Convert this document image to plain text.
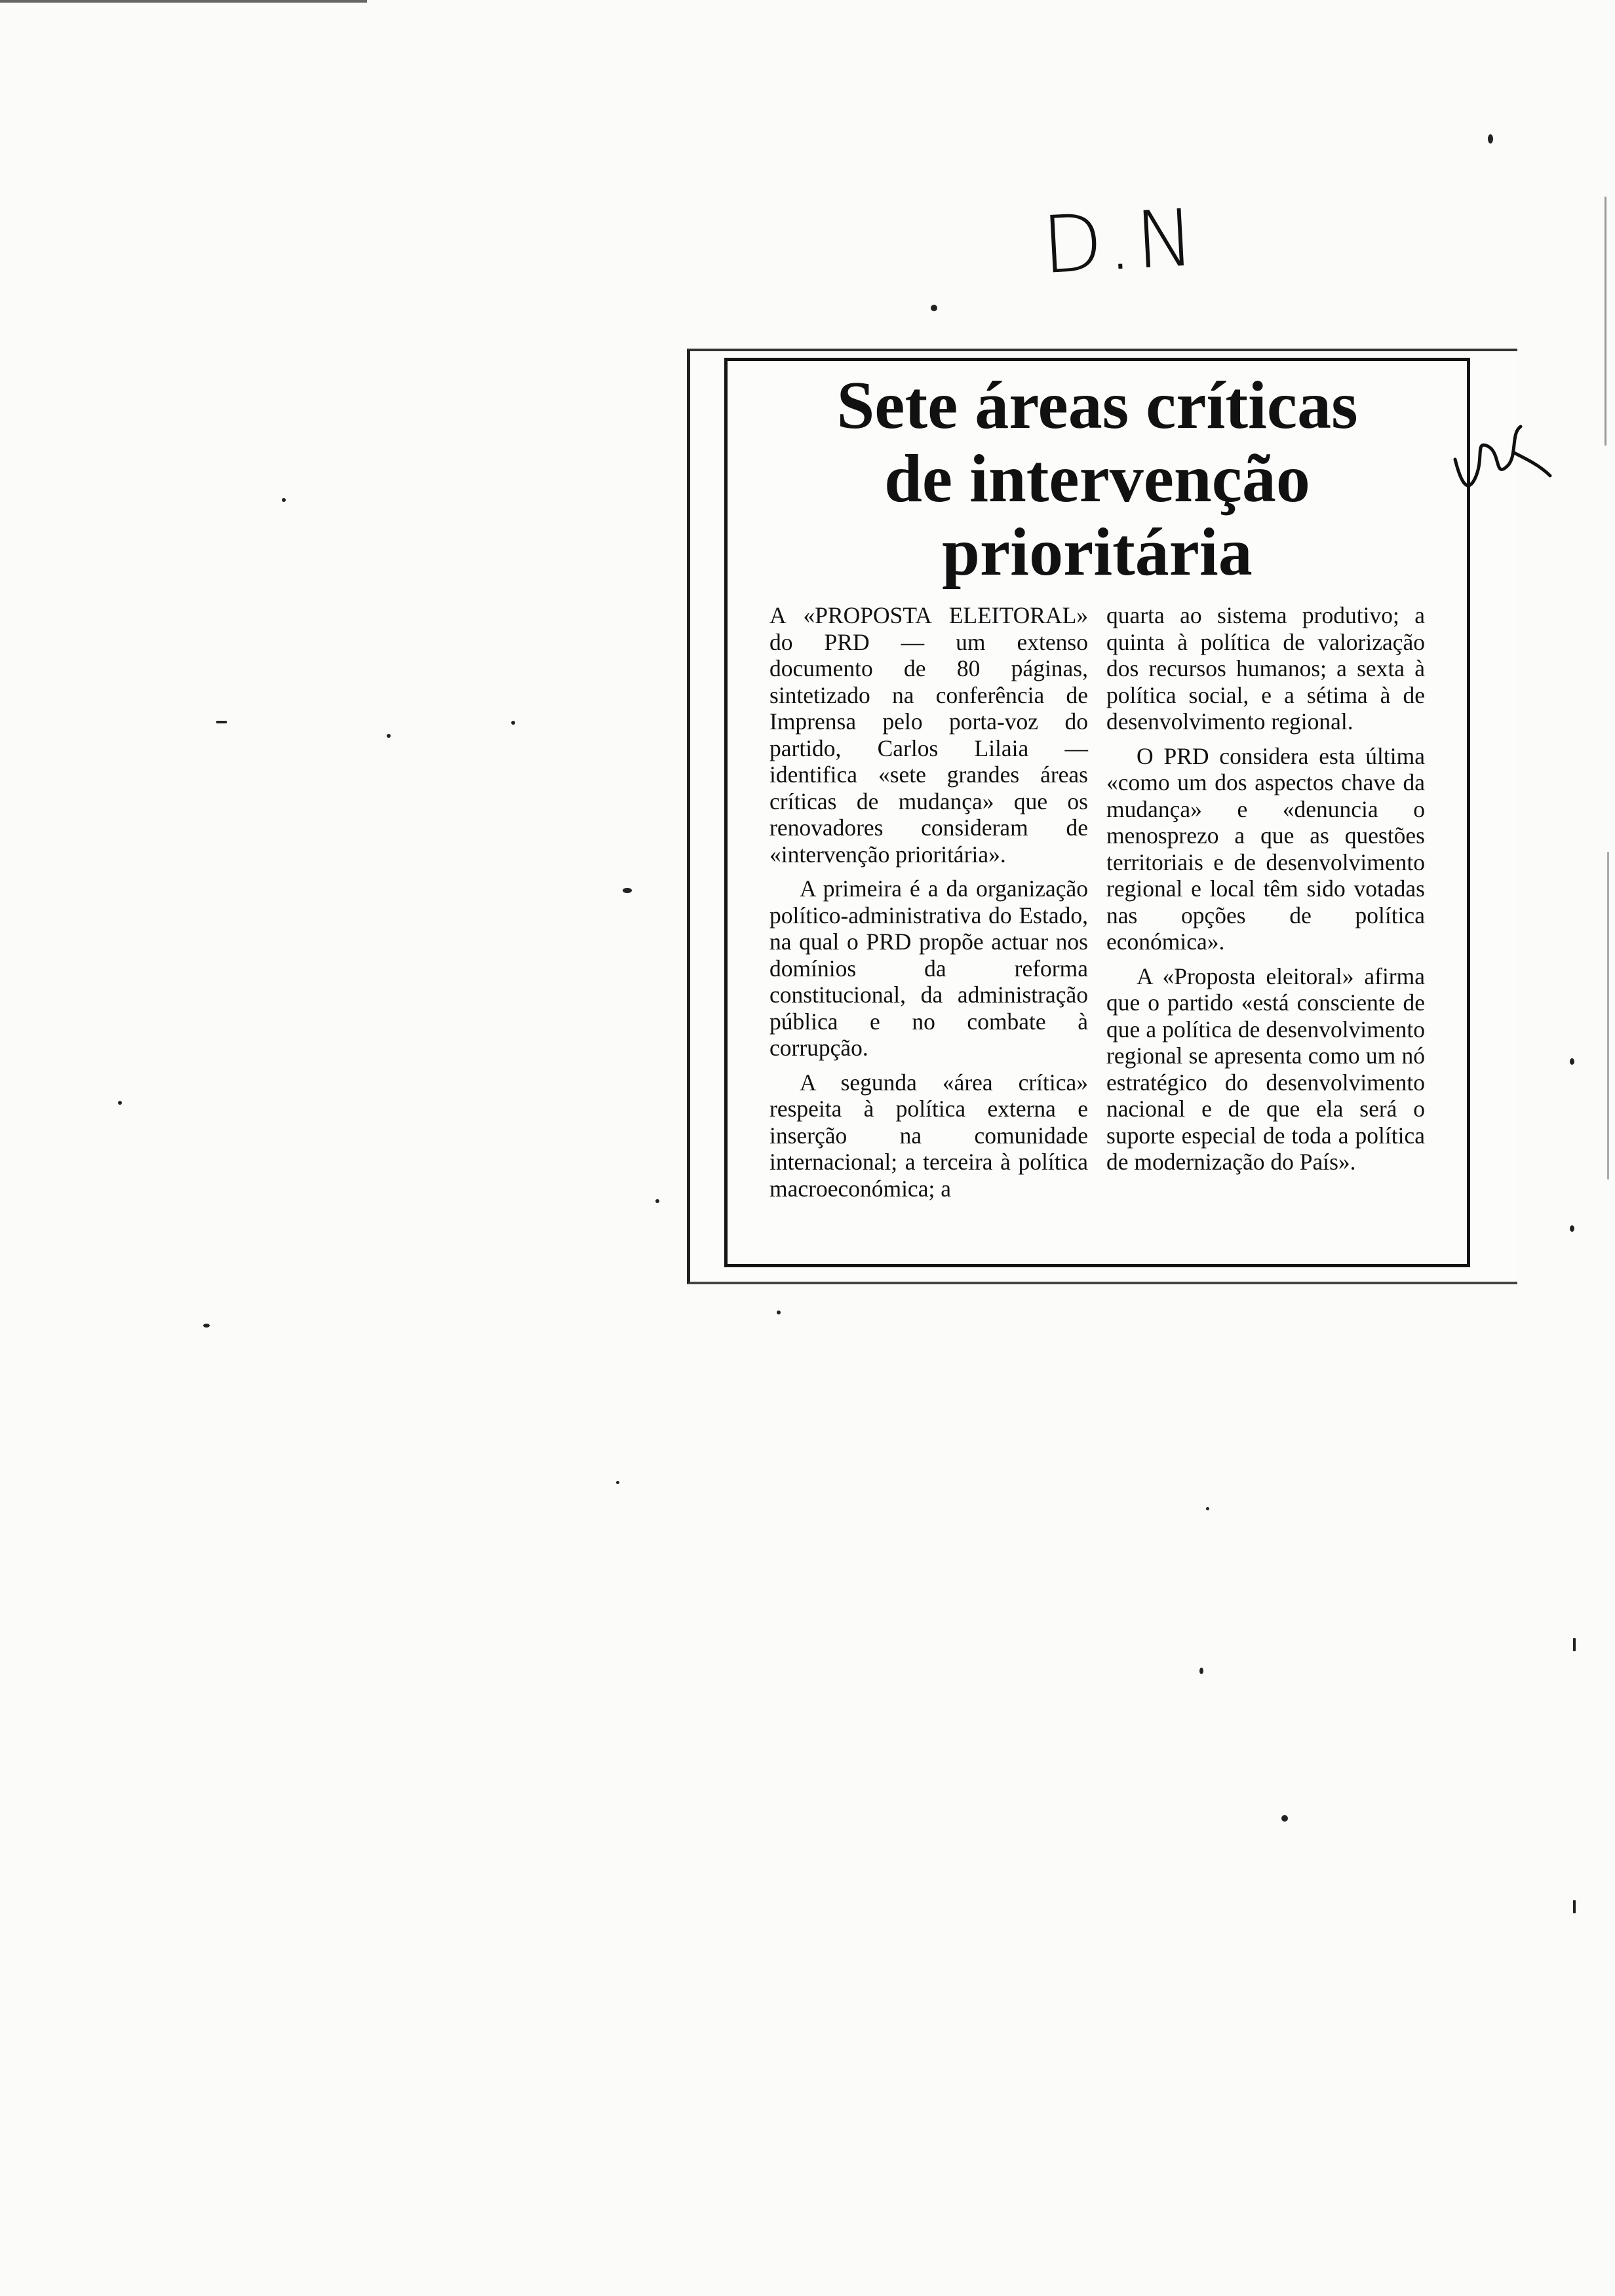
D.N
Sete áreas críticas
de intervenção
prioritária

A «PROPOSTA ELEITORAL» do PRD — um extenso documento de 80 páginas, sintetizado na conferência de Imprensa pelo porta-voz do partido, Carlos Lilaia — identifica «sete grandes áreas críticas de mudança» que os renovadores consideram de «intervenção prioritária».

A primeira é a da organização político-administrativa do Estado, na qual o PRD propõe actuar nos domínios da reforma constitucional, da administração pública e no combate à corrupção.

A segunda «área crítica» respeita à política externa e inserção na comunidade internacional; a terceira à política macroeconómica; a

quarta ao sistema produtivo; a quinta à política de valorização dos recursos humanos; a sexta à política social, e a sétima à de desenvolvimento regional.

O PRD considera esta última «como um dos aspectos chave da mudança» e «denuncia o menosprezo a que as questões territoriais e de desenvolvimento regional e local têm sido votadas nas opções de política económica».

A «Proposta eleitoral» afirma que o partido «está consciente de que a política de desenvolvimento regional se apresenta como um nó estratégico do desenvolvimento nacional e de que ela será o suporte especial de toda a política de modernização do País».
